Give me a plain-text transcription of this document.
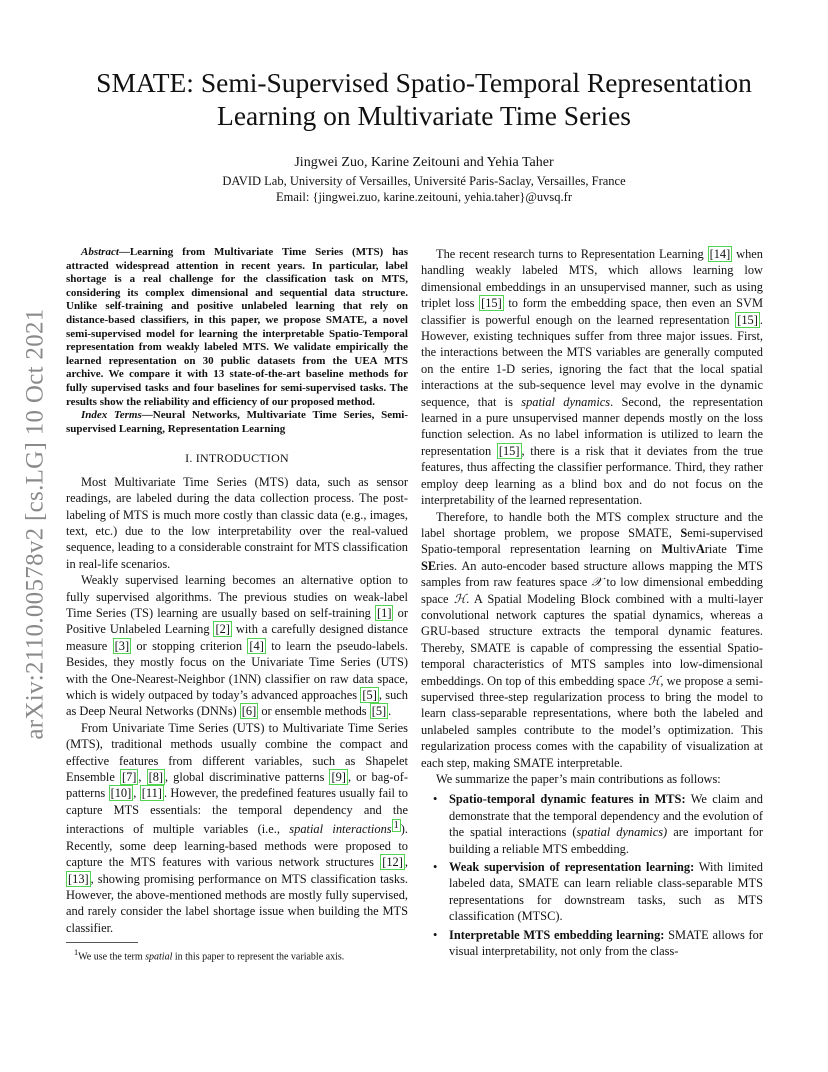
arXiv:2110.00578v2 [cs.LG] 10 Oct 2021
SMATE: Semi-Supervised Spatio-Temporal Representation
Learning on Multivariate Time Series
Jingwei Zuo, Karine Zeitouni and Yehia Taher
DAVID Lab, University of Versailles, Université Paris-Saclay, Versailles, France
Email: {jingwei.zuo, karine.zeitouni, yehia.taher}@uvsq.fr

Abstract—Learning from Multivariate Time Series (MTS) has attracted widespread attention in recent years. In particular, label shortage is a real challenge for the classification task on MTS, considering its complex dimensional and sequential data structure. Unlike self-training and positive unlabeled learning that rely on distance-based classifiers, in this paper, we propose SMATE, a novel semi-supervised model for learning the interpretable Spatio-Temporal representation from weakly labeled MTS. We validate empirically the learned representation on 30 public datasets from the UEA MTS archive. We compare it with 13 state-of-the-art baseline methods for fully supervised tasks and four baselines for semi-supervised tasks. The results show the reliability and efficiency of our proposed method.

Index Terms—Neural Networks, Multivariate Time Series, Semi-supervised Learning, Representation Learning

I. INTRODUCTION

Most Multivariate Time Series (MTS) data, such as sensor readings, are labeled during the data collection process. The post-labeling of MTS is much more costly than classic data (e.g., images, text, etc.) due to the low interpretability over the real-valued sequence, leading to a considerable constraint for MTS classification in real-life scenarios.

Weakly supervised learning becomes an alternative option to fully supervised algorithms. The previous studies on weak-label Time Series (TS) learning are usually based on self-training [1] or Positive Unlabeled Learning [2] with a carefully designed distance measure [3] or stopping criterion [4] to learn the pseudo-labels. Besides, they mostly focus on the Univariate Time Series (UTS) with the One-Nearest-Neighbor (1NN) classifier on raw data space, which is widely outpaced by today’s advanced approaches [5] , such as Deep Neural Networks (DNNs) [6] or ensemble methods [5] .

From Univariate Time Series (UTS) to Multivariate Time Series (MTS), traditional methods usually combine the compact and effective features from different variables, such as Shapelet Ensemble [7] , [8] , global discriminative patterns [9] , or bag-of-patterns [10] , [11] . However, the predefined features usually fail to capture MTS essentials: the temporal dependency and the interactions of multiple variables (i.e., spatial interactions $^1$ ). Recently, some deep learning-based methods were proposed to capture the MTS features with various network structures [12] , [13] , showing promising performance on MTS classification tasks. However, the above-mentioned methods are mostly fully supervised, and rarely consider the label shortage issue when building the MTS classifier.

$^1$We use the term spatial in this paper to represent the variable axis.

The recent research turns to Representation Learning [14] when handling weakly labeled MTS, which allows learning low dimensional embeddings in an unsupervised manner, such as using triplet loss [15] to form the embedding space, then even an SVM classifier is powerful enough on the learned representation [15] . However, existing techniques suffer from three major issues. First, the interactions between the MTS variables are generally computed on the entire 1-D series, ignoring the fact that the local spatial interactions at the sub-sequence level may evolve in the dynamic sequence, that is spatial dynamics. Second, the representation learned in a pure unsupervised manner depends mostly on the loss function selection. As no label information is utilized to learn the representation [15] , there is a risk that it deviates from the true features, thus affecting the classifier performance. Third, they rather employ deep learning as a blind box and do not focus on the interpretability of the learned representation.

Therefore, to handle both the MTS complex structure and the label shortage problem, we propose SMATE, Semi-supervised Spatio-temporal representation learning on MultivAriate Time SEries. An auto-encoder based structure allows mapping the MTS samples from raw features space 𝒳 to low dimensional embedding space ℋ. A Spatial Modeling Block combined with a multi-layer convolutional network captures the spatial dynamics, whereas a GRU-based structure extracts the temporal dynamic features. Thereby, SMATE is capable of compressing the essential Spatio-temporal characteristics of MTS samples into low-dimensional embeddings. On top of this embedding space ℋ, we propose a semi-supervised three-step regularization process to bring the model to learn class-separable representations, where both the labeled and unlabeled samples contribute to the model’s optimization. This regularization process comes with the capability of visualization at each step, making SMATE interpretable.

We summarize the paper’s main contributions as follows:

• Spatio-temporal dynamic features in MTS: We claim and demonstrate that the temporal dependency and the evolution of the spatial interactions (spatial dynamics) are important for building a reliable MTS embedding.
• Weak supervision of representation learning: With limited labeled data, SMATE can learn reliable class-separable MTS representations for downstream tasks, such as MTS classification (MTSC).
• Interpretable MTS embedding learning: SMATE allows for visual interpretability, not only from the class-
